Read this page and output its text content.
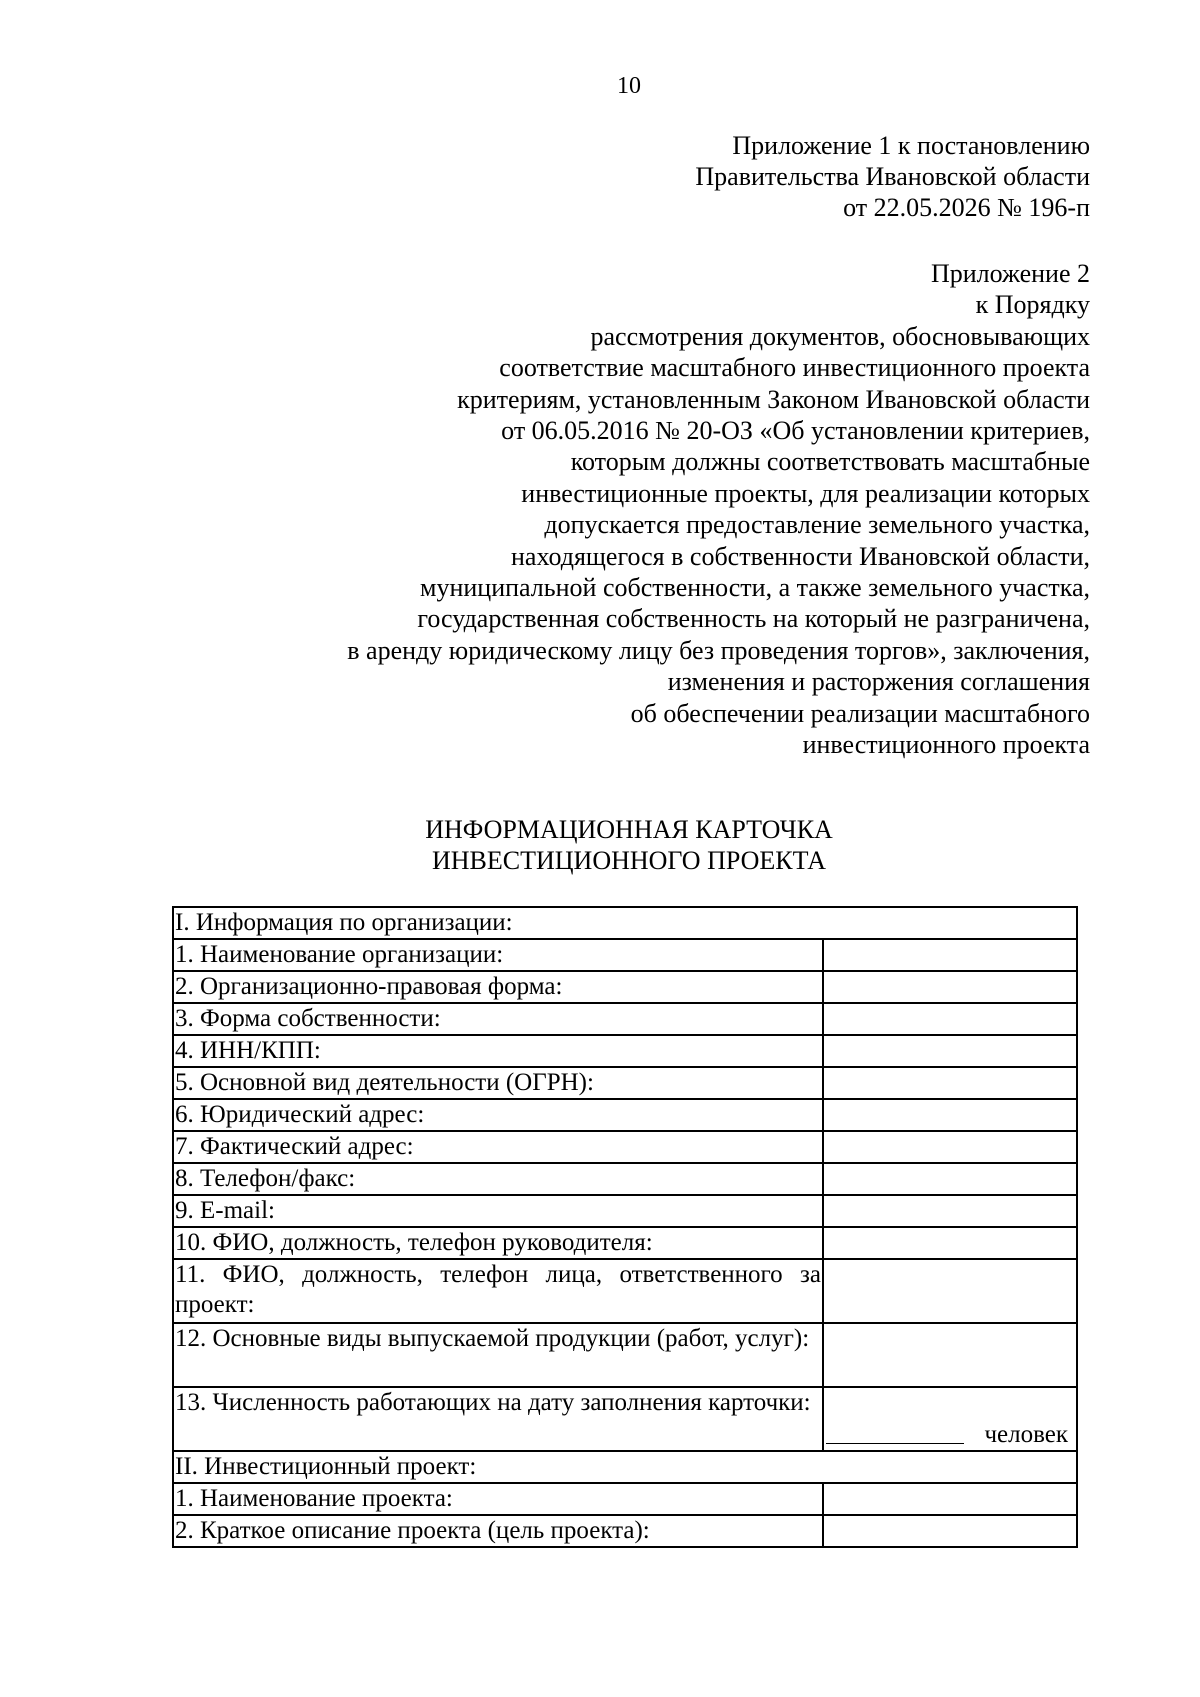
10
Приложение 1 к постановлению
Правительства Ивановской области
от 22.05.2026 № 196-п
Приложение 2
к Порядку
рассмотрения документов, обосновывающих
соответствие масштабного инвестиционного проекта
критериям, установленным Законом Ивановской области
от 06.05.2016 № 20-ОЗ «Об установлении критериев,
которым должны соответствовать масштабные
инвестиционные проекты, для реализации которых
допускается предоставление земельного участка,
находящегося в собственности Ивановской области,
муниципальной собственности, а также земельного участка,
государственная собственность на который не разграничена,
в аренду юридическому лицу без проведения торгов», заключения,
изменения и расторжения соглашения
об обеспечении реализации масштабного
инвестиционного проекта
ИНФОРМАЦИОННАЯ КАРТОЧКА
ИНВЕСТИЦИОННОГО ПРОЕКТА
I. Информация по организации:	
1. Наименование организации:	
2. Организационно-правовая форма:	
3. Форма собственности:	
4. ИНН/КПП:	
5. Основной вид деятельности (ОГРН):	
6. Юридический адрес:	
7. Фактический адрес:	
8. Телефон/факс:	
9. E-mail:	
10. ФИО, должность, телефон руководителя:	
11. ФИО, должность, телефон лица, ответственного за проект:	
12. Основные виды выпускаемой продукции (работ, услуг):	
13. Численность работающих на дату заполнения карточки:	человек

II. Инвестиционный проект:	
1. Наименование проекта:	
2. Краткое описание проекта (цель проекта):	
